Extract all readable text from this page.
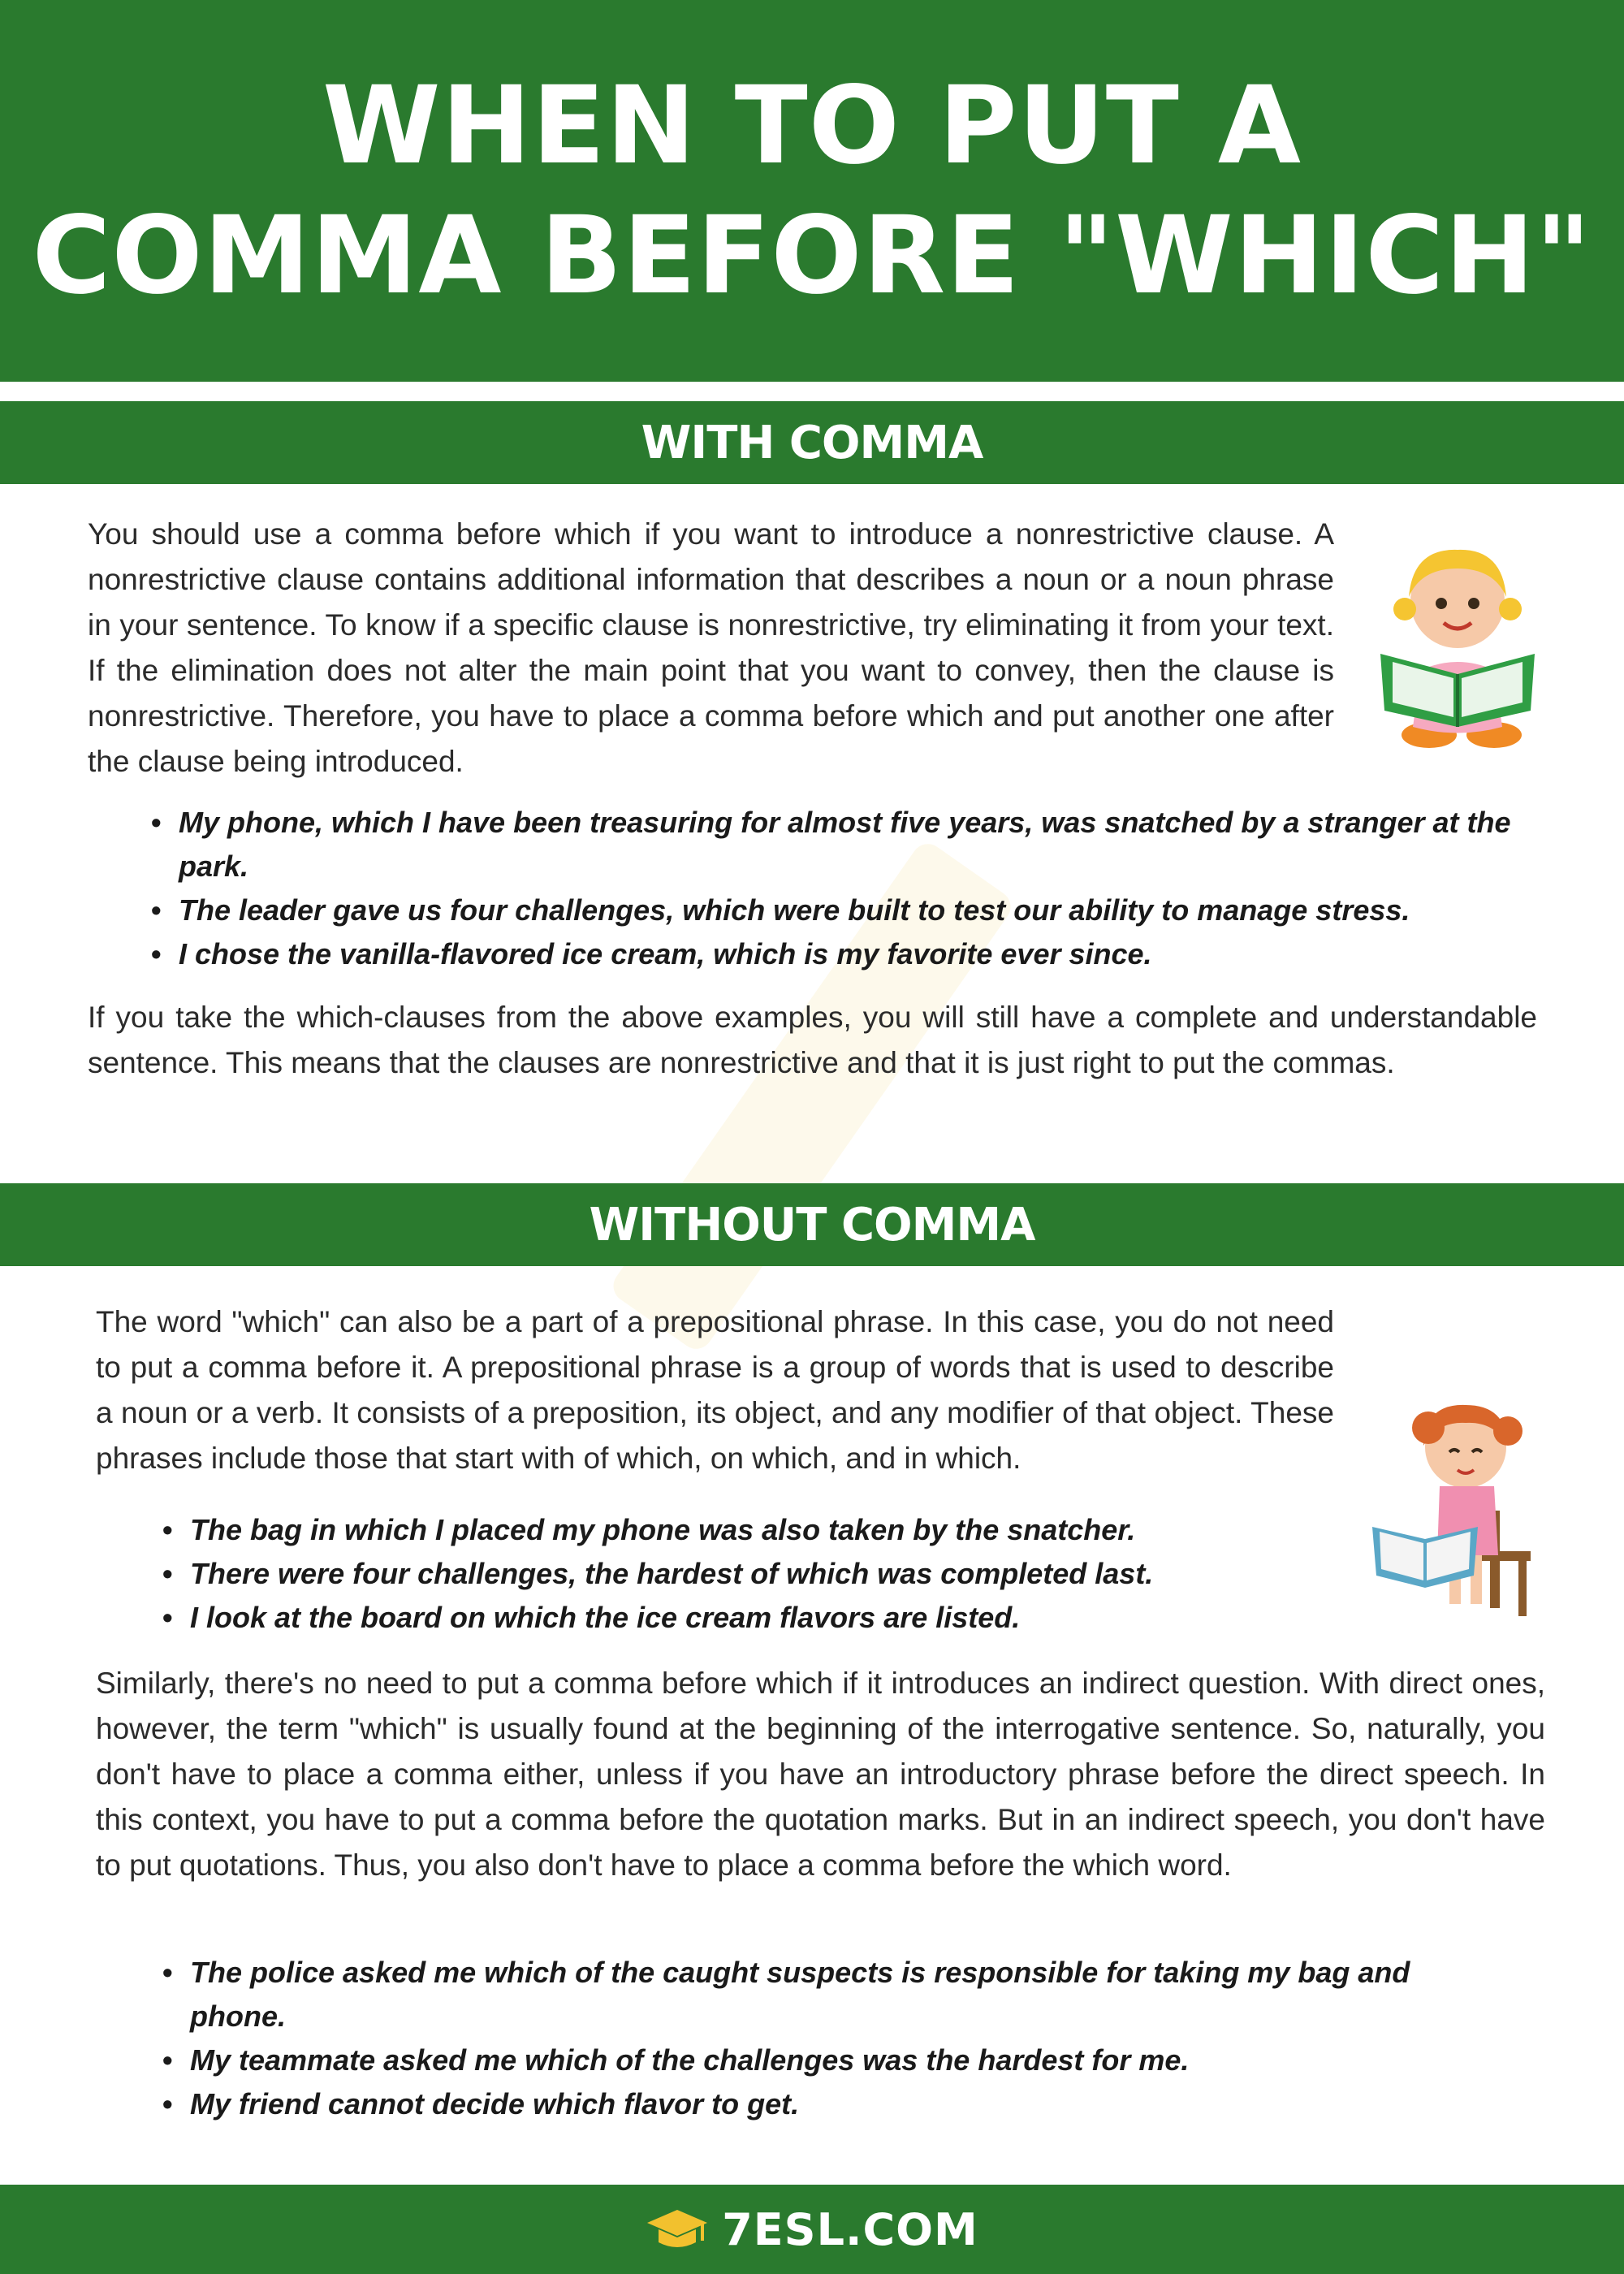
WHEN TO PUT A
COMMA BEFORE "WHICH"
WITH COMMA

You should use a comma before which if you want to introduce a nonrestrictive clause. A nonrestrictive clause contains additional information that describes a noun or a noun phrase in your sentence. To know if a specific clause is nonrestrictive, try eliminating it from your text. If the elimination does not alter the main point that you want to convey, then the clause is nonrestrictive. Therefore, you have to place a comma before which and put another one after the clause being introduced.

• My phone, which I have been treasuring for almost five years, was snatched by a stranger at the park.
• The leader gave us four challenges, which were built to test our ability to manage stress.
• I chose the vanilla-flavored ice cream, which is my favorite ever since.

If you take the which-clauses from the above examples, you will still have a complete and understandable sentence. This means that the clauses are nonrestrictive and that it is just right to put the commas.

WITHOUT COMMA

The word "which" can also be a part of a prepositional phrase. In this case, you do not need to put a comma before it. A prepositional phrase is a group of words that is used to describe a noun or a verb. It consists of a preposition, its object, and any modifier of that object. These phrases include those that start with of which, on which, and in which.

• The bag in which I placed my phone was also taken by the snatcher.
• There were four challenges, the hardest of which was completed last.
• I look at the board on which the ice cream flavors are listed.

Similarly, there's no need to put a comma before which if it introduces an indirect question. With direct ones, however, the term "which" is usually found at the beginning of the interrogative sentence. So, naturally, you don't have to place a comma either, unless if you have an introductory phrase before the direct speech. In this context, you have to put a comma before the quotation marks. But in an indirect speech, you don't have to put quotations. Thus, you also don't have to place a comma before the which word.

• The police asked me which of the caught suspects is responsible for taking my bag and phone.
• My teammate asked me which of the challenges was the hardest for me.
• My friend cannot decide which flavor to get.
7ESL.COM
